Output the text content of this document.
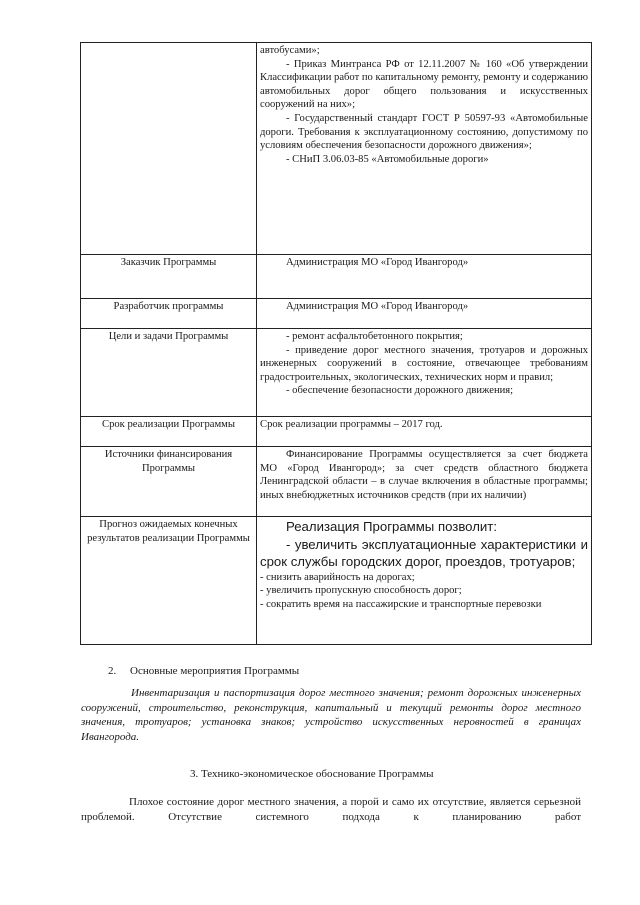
	автобусами»;
- Приказ Минтранса РФ от 12.11.2007 № 160 «Об утверждении Классификации работ по капитальному ремонту, ремонту и содержанию автомобильных дорог общего пользования и искусственных сооружений на них»;
- Государственный стандарт ГОСТ Р 50597-93 «Автомобильные дороги. Требования к эксплуатационному состоянию, допустимому по условиям обеспечения безопасности дорожного движения»;
- СНиП 3.06.03-85 «Автомобильные дороги»

Заказчик Программы	Администрация МО «Город Ивангород»

Разработчик программы	Администрация МО «Город Ивангород»

Цели и задачи Программы	- ремонт асфальтобетонного покрытия;
- приведение дорог местного значения, тротуаров и дорожных инженерных сооружений в состояние, отвечающее требованиям градостроительных, экологических, технических норм и правил;
- обеспечение безопасности дорожного движения;

Срок реализации Программы	Срок реализации программы – 2017 год.

Источники финансирования Программы	Финансирование Программы осуществляется за счет бюджета МО «Город Ивангород»; за счет средств областного бюджета Ленинградской области – в случае включения в областные программы; иных внебюджетных источников средств (при их наличии)

Прогноз ожидаемых конечных результатов реализации Программы	Реализация Программы позволит:
- увеличить эксплуатационные характеристики и срок службы городских дорог, проездов, тротуаров;
- снизить аварийность на дорогах;
- увеличить пропускную способность дорог;
- сократить время на пассажирские и транспортные перевозки
2. Основные мероприятия Программы
Инвентаризация и паспортизация дорог местного значения; ремонт дорожных инженерных сооружений, строительство, реконструкция, капитальный и текущий ремонты дорог местного значения, тротуаров; установка знаков; устройство искусственных неровностей в границах Ивангорода.
3. Технико-экономическое обоснование Программы
Плохое состояние дорог местного значения, а порой и само их отсутствие, является серьезной проблемой. Отсутствие системного подхода к планированию работ
